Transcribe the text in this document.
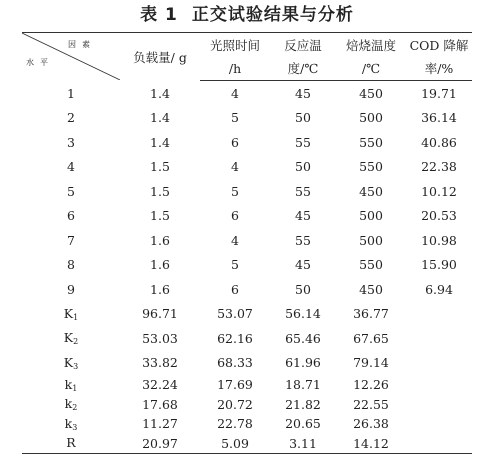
表 1 正交试验结果与分析
因素
水平	负载量/ g	光照时间	反应温	焙烧温度	COD 降解
		/h	度/℃	/℃	率/%
1	1.4	4	45	450	19.71
2	1.4	5	50	500	36.14
3	1.4	6	55	550	40.86
4	1.5	4	50	550	22.38
5	1.5	5	55	450	10.12
6	1.5	6	45	500	20.53
7	1.6	4	55	500	10.98
8	1.6	5	45	550	15.90
9	1.6	6	50	450	6.94
$K_1$	96.71	53.07	56.14	36.77	
$K_2$	53.03	62.16	65.46	67.65	
$K_3$	33.82	68.33	61.96	79.14	
$k_1$	32.24	17.69	18.71	12.26	
$k_2$	17.68	20.72	21.82	22.55	
$k_3$	11.27	22.78	20.65	26.38	
R	20.97	5.09	3.11	14.12	
